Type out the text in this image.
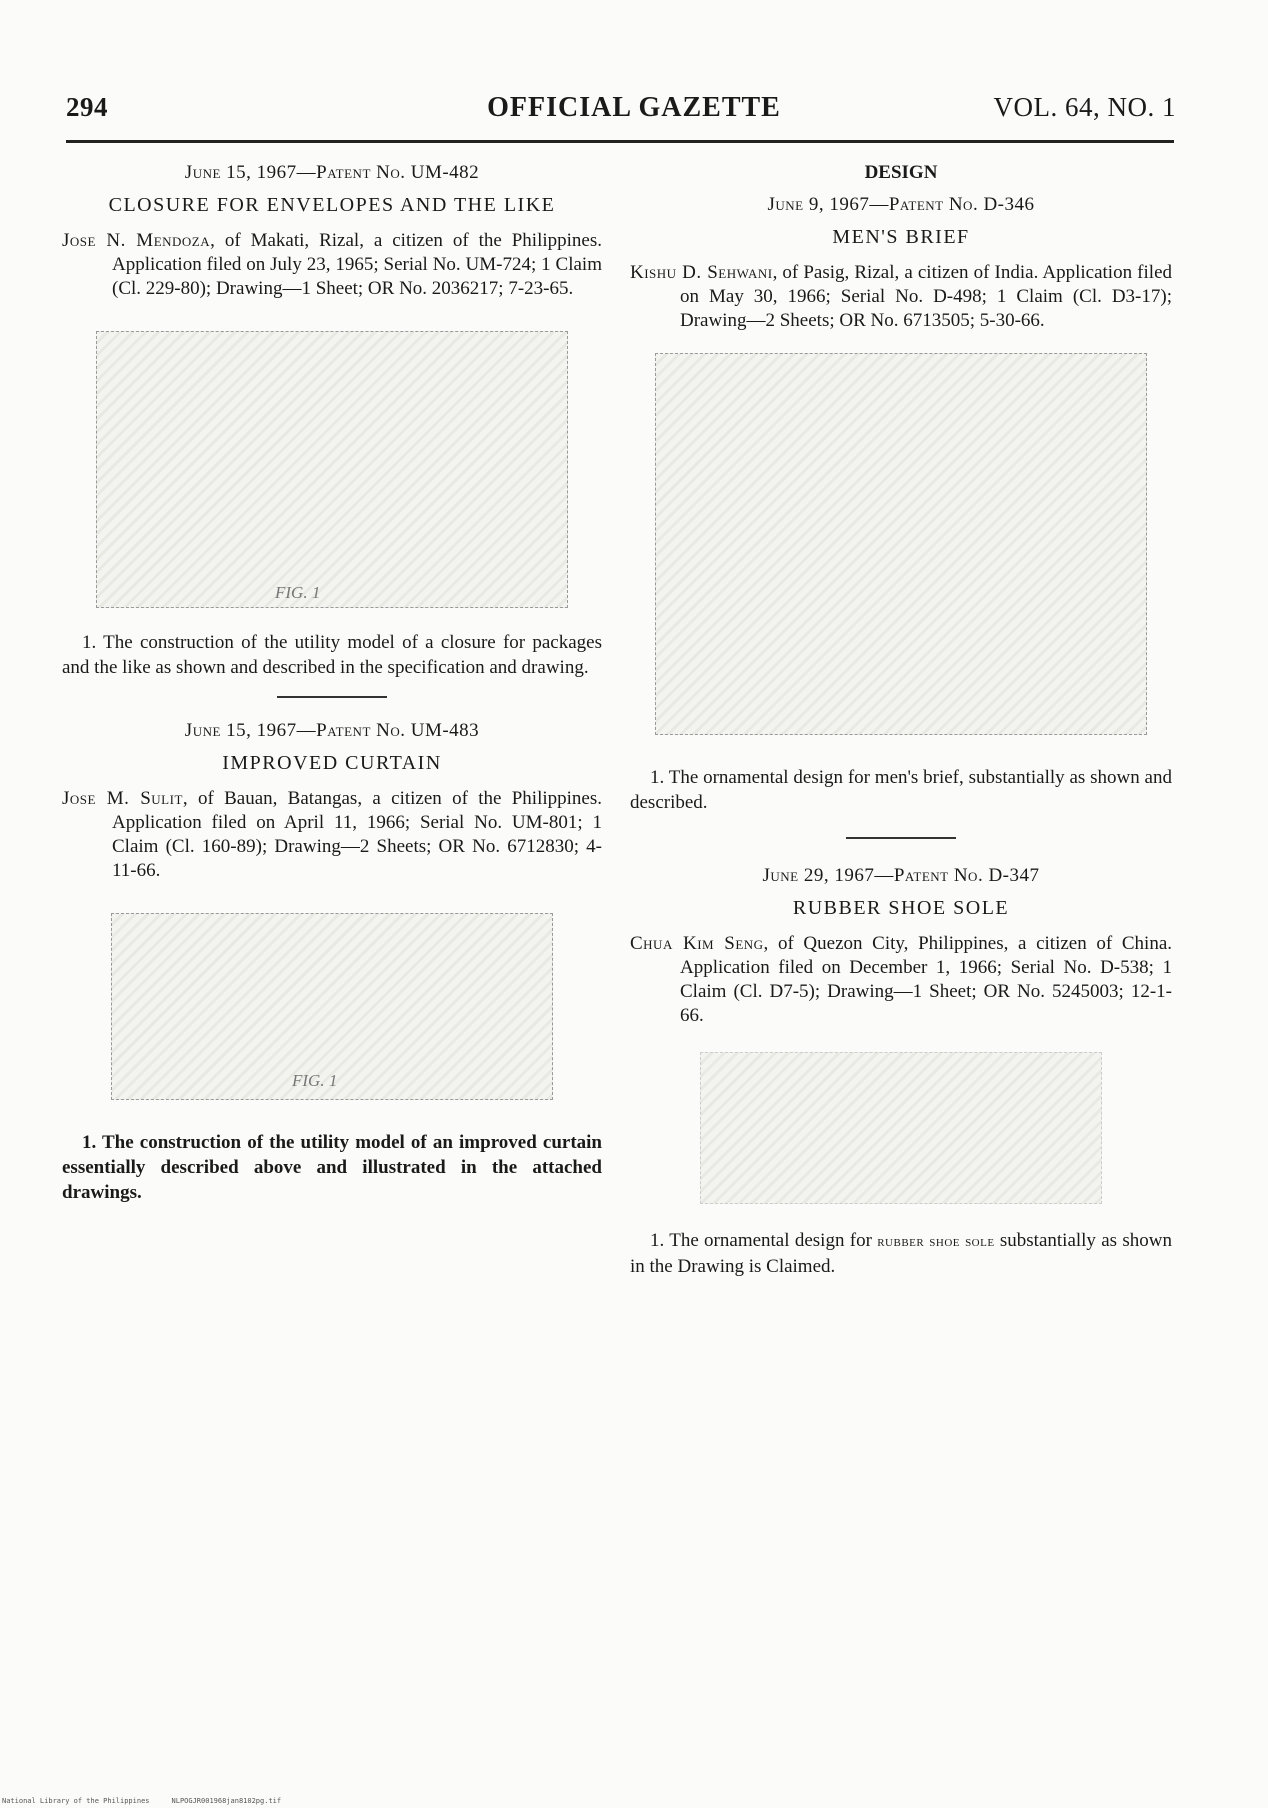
294	OFFICIAL GAZETTE	VOL. 64, NO. 1

June 15, 1967—Patent No. UM-482

CLOSURE FOR ENVELOPES AND THE LIKE

Jose N. Mendoza, of Makati, Rizal, a citizen of the Philippines. Application filed on July 23, 1965; Serial No. UM-724; 1 Claim (Cl. 229-80); Drawing—1 Sheet; OR No. 2036217; 7-23-65.

FIG. 1

1. The construction of the utility model of a closure for packages and the like as shown and described in the specification and drawing.

June 15, 1967—Patent No. UM-483

IMPROVED CURTAIN

Jose M. Sulit, of Bauan, Batangas, a citizen of the Philippines. Application filed on April 11, 1966; Serial No. UM-801; 1 Claim (Cl. 160-89); Drawing—2 Sheets; OR No. 6712830; 4-11-66.

FIG. 1

1. The construction of the utility model of an improved curtain essentially described above and illustrated in the attached drawings.

DESIGN

June 9, 1967—Patent No. D-346

MEN'S BRIEF

Kishu D. Sehwani, of Pasig, Rizal, a citizen of India. Application filed on May 30, 1966; Serial No. D-498; 1 Claim (Cl. D3-17); Drawing—2 Sheets; OR No. 6713505; 5-30-66.

1. The ornamental design for men's brief, substantially as shown and described.

June 29, 1967—Patent No. D-347

RUBBER SHOE SOLE

Chua Kim Seng, of Quezon City, Philippines, a citizen of China. Application filed on December 1, 1966; Serial No. D-538; 1 Claim (Cl. D7-5); Drawing—1 Sheet; OR No. 5245003; 12-1-66.

1. The ornamental design for rubber shoe sole substantially as shown in the Drawing is Claimed.

National Library of the Philippines	NLPOGJR001968jan8102pg.tif
